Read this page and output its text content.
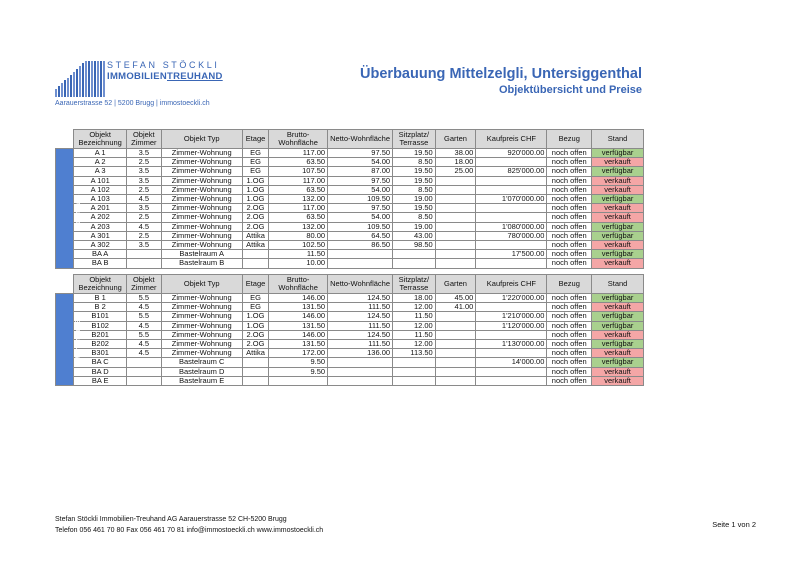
STEFAN STÖCKLI
IMMOBILIENTREUHAND
Aarauerstrasse 52 | 5200 Brugg | immostoeckli.ch
Überbauung Mittelzelgli, Untersiggenthal
Objektübersicht und Preise
	Objekt Bezeichnung	Objekt Zimmer	Objekt Typ	Etage	Brutto-Wohnfläche	Netto-Wohnfläche	Sitzplatz/ Terrasse	Garten	Kaufpreis CHF	Bezug	Stand
Wohnhaus A	A 1	3.5	Zimmer-Wohnung	EG	117.00	97.50	19.50	38.00	920'000.00	noch offen	verfügbar
	A 2	2.5	Zimmer-Wohnung	EG	63.50	54.00	8.50	18.00		noch offen	verkauft
	A 3	3.5	Zimmer-Wohnung	EG	107.50	87.00	19.50	25.00	825'000.00	noch offen	verfügbar
	A 101	3.5	Zimmer-Wohnung	1.OG	117.00	97.50	19.50			noch offen	verkauft
	A 102	2.5	Zimmer-Wohnung	1.OG	63.50	54.00	8.50			noch offen	verkauft
	A 103	4.5	Zimmer-Wohnung	1.OG	132.00	109.50	19.00		1'070'000.00	noch offen	verfügbar
	A 201	3.5	Zimmer-Wohnung	2.OG	117.00	97.50	19.50			noch offen	verkauft
	A 202	2.5	Zimmer-Wohnung	2.OG	63.50	54.00	8.50			noch offen	verkauft
	A 203	4.5	Zimmer-Wohnung	2.OG	132.00	109.50	19.00		1'080'000.00	noch offen	verfügbar
	A 301	2.5	Zimmer-Wohnung	Attika	80.00	64.50	43.00		780'000.00	noch offen	verfügbar
	A 302	3.5	Zimmer-Wohnung	Attika	102.50	86.50	98.50			noch offen	verkauft
	BA A		Bastelraum A		11.50				17'500.00	noch offen	verfügbar
	BA B		Bastelraum B		10.00					noch offen	verkauft
	Objekt Bezeichnung	Objekt Zimmer	Objekt Typ	Etage	Brutto-Wohnfläche	Netto-Wohnfläche	Sitzplatz/ Terrasse	Garten	Kaufpreis CHF	Bezug	Stand
Wohnhaus B	B 1	5.5	Zimmer-Wohnung	EG	146.00	124.50	18.00	45.00	1'220'000.00	noch offen	verfügbar
	B 2	4.5	Zimmer-Wohnung	EG	131.50	111.50	12.00	41.00		noch offen	verkauft
	B101	5.5	Zimmer-Wohnung	1.OG	146.00	124.50	11.50		1'210'000.00	noch offen	verfügbar
	B102	4.5	Zimmer-Wohnung	1.OG	131.50	111.50	12.00		1'120'000.00	noch offen	verfügbar
	B201	5.5	Zimmer-Wohnung	2.OG	146.00	124.50	11.50			noch offen	verkauft
	B202	4.5	Zimmer-Wohnung	2.OG	131.50	111.50	12.00		1'130'000.00	noch offen	verfügbar
	B301	4.5	Zimmer-Wohnung	Attika	172.00	136.00	113.50			noch offen	verkauft
	BA C		Bastelraum C		9.50				14'000.00	noch offen	verfügbar
	BA D		Bastelraum D		9.50					noch offen	verkauft
	BA E		Bastelraum E							noch offen	verkauft
Stefan Stöckli Immobilien-Treuhand AG Aarauerstrasse 52 CH-5200 Brugg
Telefon 056 461 70 80 Fax 056 461 70 81 info@immostoeckli.ch www.immostoeckli.ch
Seite 1 von 2
